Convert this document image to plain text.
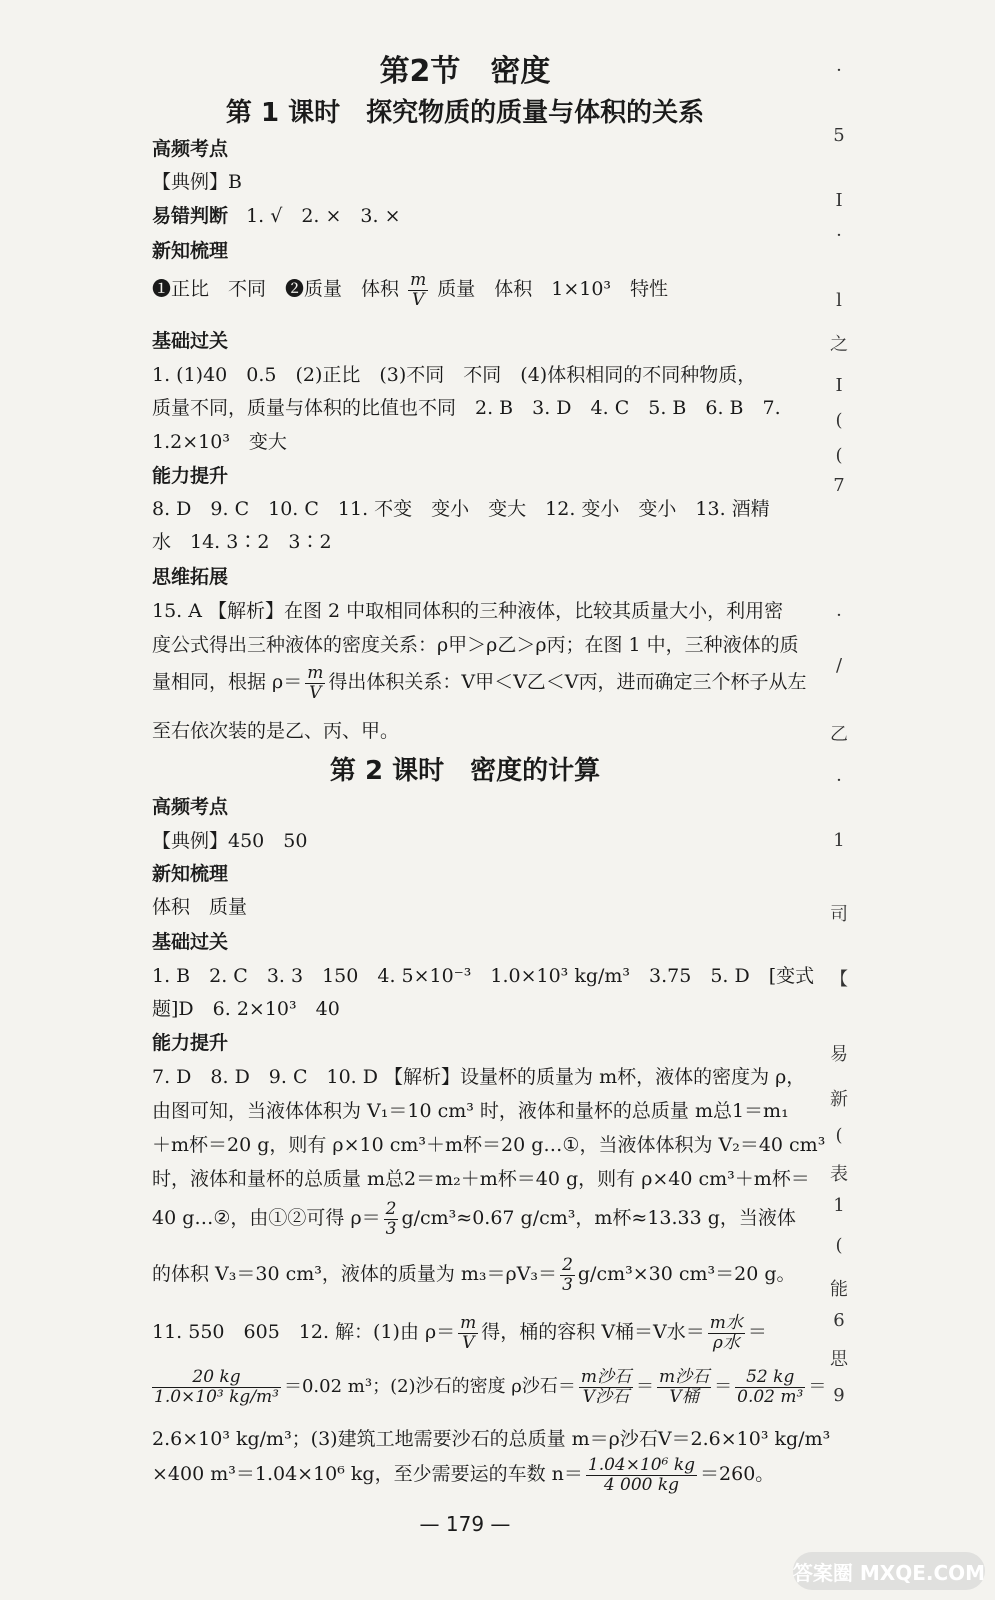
第2节　密度
第 1 课时　探究物质的质量与体积的关系
高频考点
【典例】B
易错判断 1. √　2. ×　3. ×
新知梳理
❶正比　不同　❷质量　体积 $\frac{m}{V}$ 质量　体积　1×10³　特性
基础过关
1. (1)40　0.5　(2)正比　(3)不同　不同　(4)体积相同的不同种物质，
质量不同，质量与体积的比值也不同　2. B　3. D　4. C　5. B　6. B　7.
1.2×10³　变大
能力提升
8. D　9. C　10. C　11. 不变　变小　变大　12. 变小　变小　13. 酒精
水　14. 3∶2　3∶2
思维拓展
15. A 【解析】在图 2 中取相同体积的三种液体，比较其质量大小，利用密
度公式得出三种液体的密度关系：ρ甲＞ρ乙＞ρ丙；在图 1 中，三种液体的质
量相同，根据 $\rho= \frac{m}{V}$ 得出体积关系：V甲＜V乙＜V丙，进而确定三个杯子从左
至右依次装的是乙、丙、甲。
第 2 课时　密度的计算
高频考点
【典例】450　50
新知梳理
体积　质量
基础过关
1. B　2. C　3. 3　150　4. 5×10⁻³　1.0×10³ kg/m³　3.75　5. D　[变式
题]D　6. 2×10³　40
能力提升
7. D　8. D　9. C　10. D 【解析】设量杯的质量为 m杯，液体的密度为 ρ，
由图可知，当液体体积为 V₁＝10 cm³ 时，液体和量杯的总质量 m总1＝m₁
＋m杯＝20 g，则有 ρ×10 cm³＋m杯＝20 g…①，当液体体积为 V₂＝40 cm³
时，液体和量杯的总质量 m总2＝m₂＋m杯＝40 g，则有 ρ×40 cm³＋m杯＝
40 g…②，由①②可得 $\rho= \frac{2}{3} g/cm^3\approx 0.67$ g/cm³，m杯≈13.33 g，当液体
的体积 V₃＝30 cm³，液体的质量为 $m_3=\rho V_3= \frac{2}{3} g/cm^3\times 30$ cm³＝20 g。
11. 550　605　12. 解：(1)由 $\rho= \frac{m}{V}$ 得，桶的容积 V桶＝V水＝ $\frac{\text{m水}}{\text{ρ水}}$ ＝
$\frac{20 kg}{\text{1.0×10³ kg/m³}} =0.02$ m³；(2)沙石的密度 ρ沙石＝ $\frac{\text{m沙石}}{\text{V沙石}} = \frac{\text{m沙石}}{\text{V桶}} = \frac{52 kg}{\text{0.02 m³}}$ ＝
2.6×10³ kg/m³；(3)建筑工地需要沙石的总质量 m＝ρ沙石V＝2.6×10³ kg/m³
×400 m³＝1.04×10⁶ kg，至少需要运的车数 $n= \frac{\text{1.04×10⁶ kg}}{4 000 kg} =260$。
— 179 —
·
5
I
·
l
之
I
(
(
7
·
/
乙
·
1
司
【
易
新
(
表
1
(
能
6
思
9
答案圈 MXQE.COM
